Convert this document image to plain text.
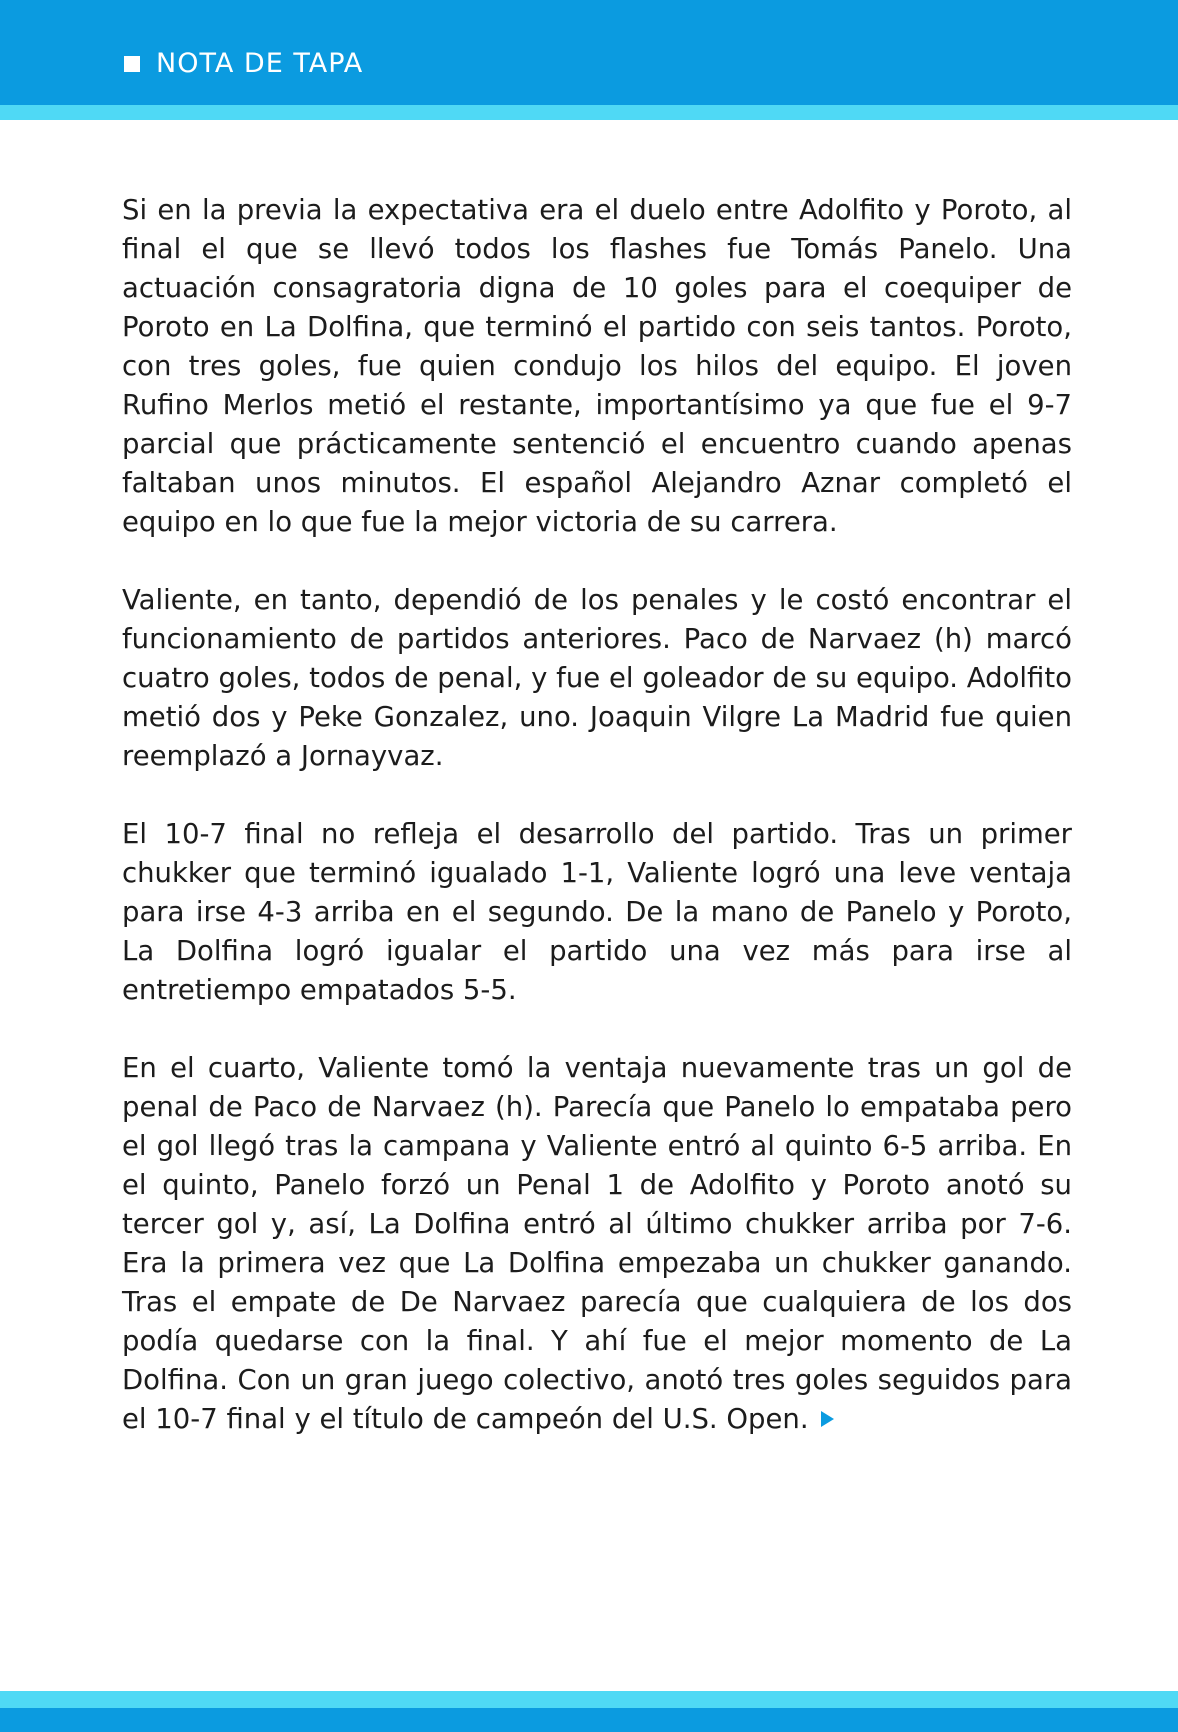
NOTA DE TAPA

Si en la previa la expectativa era el duelo entre Adolfito y Poroto, al final el que se llevó todos los flashes fue Tomás Panelo. Una actuación consagratoria digna de 10 goles para el coequiper de Poroto en La Dolfina, que terminó el partido con seis tantos. Poroto, con tres goles, fue quien condujo los hilos del equipo. El joven Rufino Merlos metió el restante, importantísimo ya que fue el 9-7 parcial que prácticamente sentenció el encuentro cuando apenas faltaban unos minutos. El español Alejandro Aznar completó el equipo en lo que fue la mejor victoria de su carrera.

Valiente, en tanto, dependió de los penales y le costó encontrar el funcionamiento de partidos anteriores. Paco de Narvaez (h) marcó cuatro goles, todos de penal, y fue el goleador de su equipo. Adolfito metió dos y Peke Gonzalez, uno. Joaquin Vilgre La Madrid fue quien reemplazó a Jornayvaz.

El 10-7 final no refleja el desarrollo del partido. Tras un primer chukker que terminó igualado 1-1, Valiente logró una leve ventaja para irse 4-3 arriba en el segundo. De la mano de Panelo y Poroto, La Dolfina logró igualar el partido una vez más para irse al entretiempo empatados 5-5.

En el cuarto, Valiente tomó la ventaja nuevamente tras un gol de penal de Paco de Narvaez (h). Parecía que Panelo lo empataba pero el gol llegó tras la campana y Valiente entró al quinto 6-5 arriba. En el quinto, Panelo forzó un Penal 1 de Adolfito y Poroto anotó su tercer gol y, así, La Dolfina entró al último chukker arriba por 7-6. Era la primera vez que La Dolfina empezaba un chukker ganando. Tras el empate de De Narvaez parecía que cualquiera de los dos podía quedarse con la final. Y ahí fue el mejor momento de La Dolfina. Con un gran juego colectivo, anotó tres goles seguidos para el 10-7 final y el título de campeón del U.S. Open.
